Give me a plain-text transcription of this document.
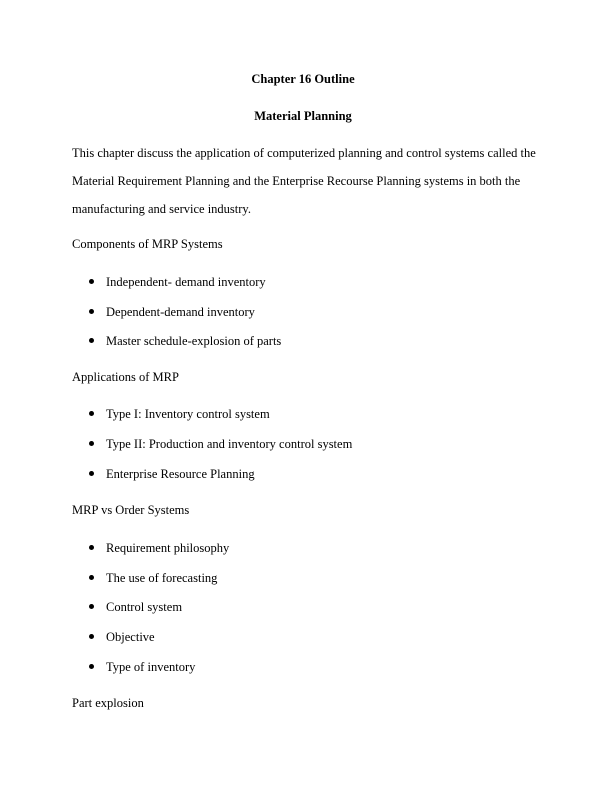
Chapter 16 Outline
Material Planning
This chapter discuss the application of computerized planning and control systems called the
Material Requirement Planning and the Enterprise Recourse Planning systems in both the
manufacturing and service industry.
Components of MRP Systems
Independent- demand inventory
Dependent-demand inventory
Master schedule-explosion of parts
Applications of MRP
Type I: Inventory control system
Type II: Production and inventory control system
Enterprise Resource Planning
MRP vs Order Systems
Requirement philosophy
The use of forecasting
Control system
Objective
Type of inventory
Part explosion
